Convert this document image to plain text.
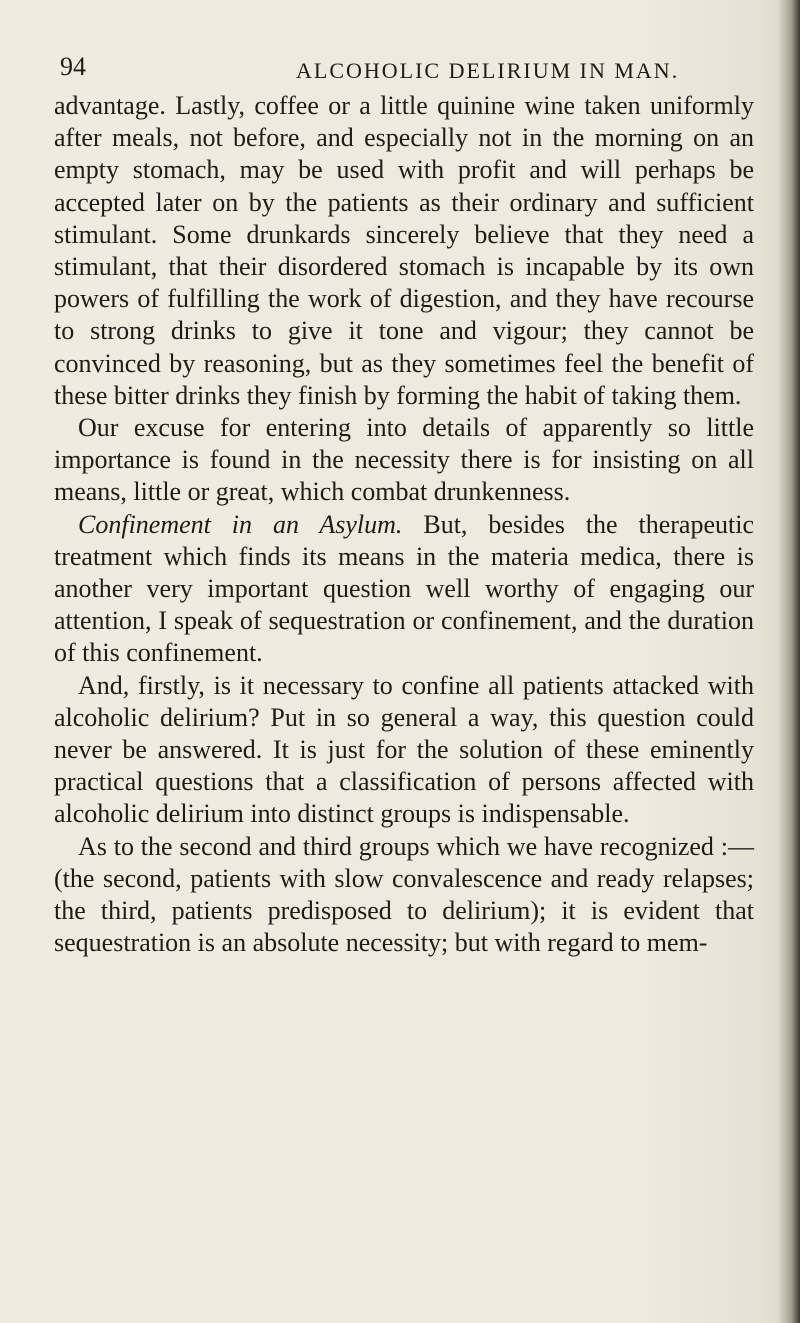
94	ALCOHOLIC DELIRIUM IN MAN.

advantage. Lastly, coffee or a little quinine wine taken uniformly after meals, not before, and especially not in the morning on an empty stomach, may be used with profit and will perhaps be accepted later on by the patients as their ordinary and sufficient stimulant. Some drunkards sincerely believe that they need a stimulant, that their disordered stomach is incapable by its own powers of fulfilling the work of digestion, and they have recourse to strong drinks to give it tone and vigour; they cannot be convinced by reasoning, but as they sometimes feel the benefit of these bitter drinks they finish by forming the habit of taking them.

Our excuse for entering into details of apparently so little importance is found in the necessity there is for insisting on all means, little or great, which combat drunkenness.

Confinement in an Asylum. But, besides the therapeutic treatment which finds its means in the materia medica, there is another very important question well worthy of engaging our attention, I speak of sequestration or confinement, and the duration of this confinement.

And, firstly, is it necessary to confine all patients attacked with alcoholic delirium? Put in so general a way, this question could never be answered. It is just for the solution of these eminently practical questions that a classification of persons affected with alcoholic delirium into distinct groups is indispensable.

As to the second and third groups which we have recognized :—(the second, patients with slow convalescence and ready relapses; the third, patients predisposed to delirium); it is evident that sequestration is an absolute necessity; but with regard to mem-
